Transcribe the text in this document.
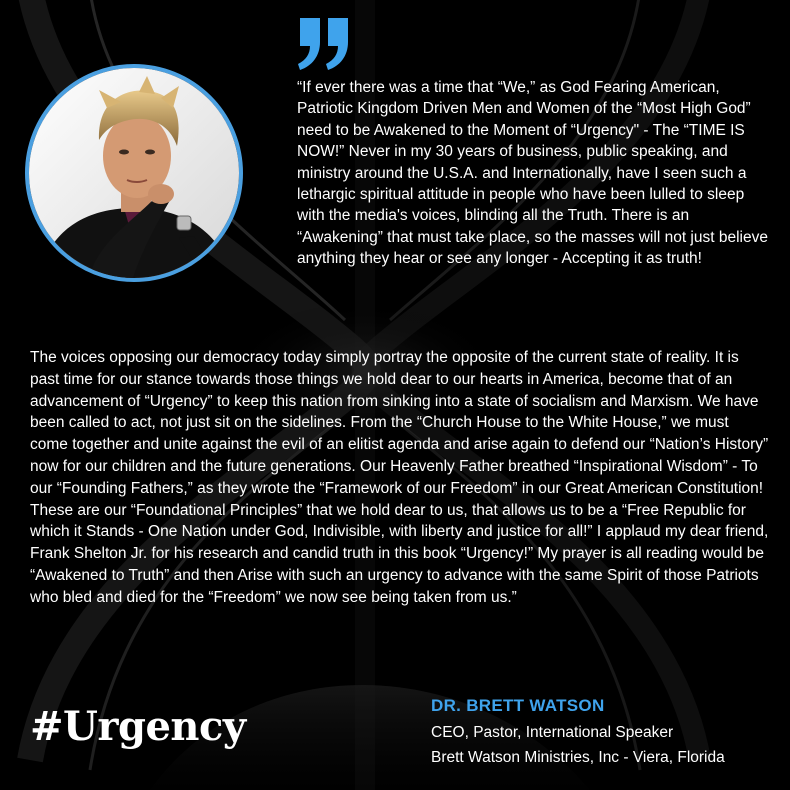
“If ever there was a time that “We,” as God Fearing American, Patriotic Kingdom Driven Men and Women of the “Most High God” need to be Awakened to the Moment of “Urgency" - The “TIME IS NOW!” Never in my 30 years of business, public speaking, and ministry around the U.S.A. and Internationally, have I seen such a lethargic spiritual attitude in people who have been lulled to sleep with the media's voices, blinding all the Truth. There is an “Awakening” that must take place, so the masses will not just believe anything they hear or see any longer - Accepting it as truth!

The voices opposing our democracy today simply portray the opposite of the current state of reality. It is past time for our stance towards those things we hold dear to our hearts in America, become that of an advancement of “Urgency” to keep this nation from sinking into a state of socialism and Marxism. We have been called to act, not just sit on the sidelines. From the “Church House to the White House,” we must come together and unite against the evil of an elitist agenda and arise again to defend our “Nation’s History” now for our children and the future generations. Our Heavenly Father breathed “Inspirational Wisdom” - To our “Founding Fathers,” as they wrote the “Framework of our Freedom” in our Great American Constitution! These are our “Foundational Principles” that we hold dear to us, that allows us to be a “Free Republic for which it Stands - One Nation under God, Indivisible, with liberty and justice for all!” I applaud my dear friend, Frank Shelton Jr. for his research and candid truth in this book “Urgency!” My prayer is all reading would be “Awakened to Truth” and then Arise with such an urgency to advance with the same Spirit of those Patriots who bled and died for the “Freedom” we now see being taken from us.”

#Urgency	DR. BRETT WATSON
CEO, Pastor, International Speaker
Brett Watson Ministries, Inc - Viera, Florida
